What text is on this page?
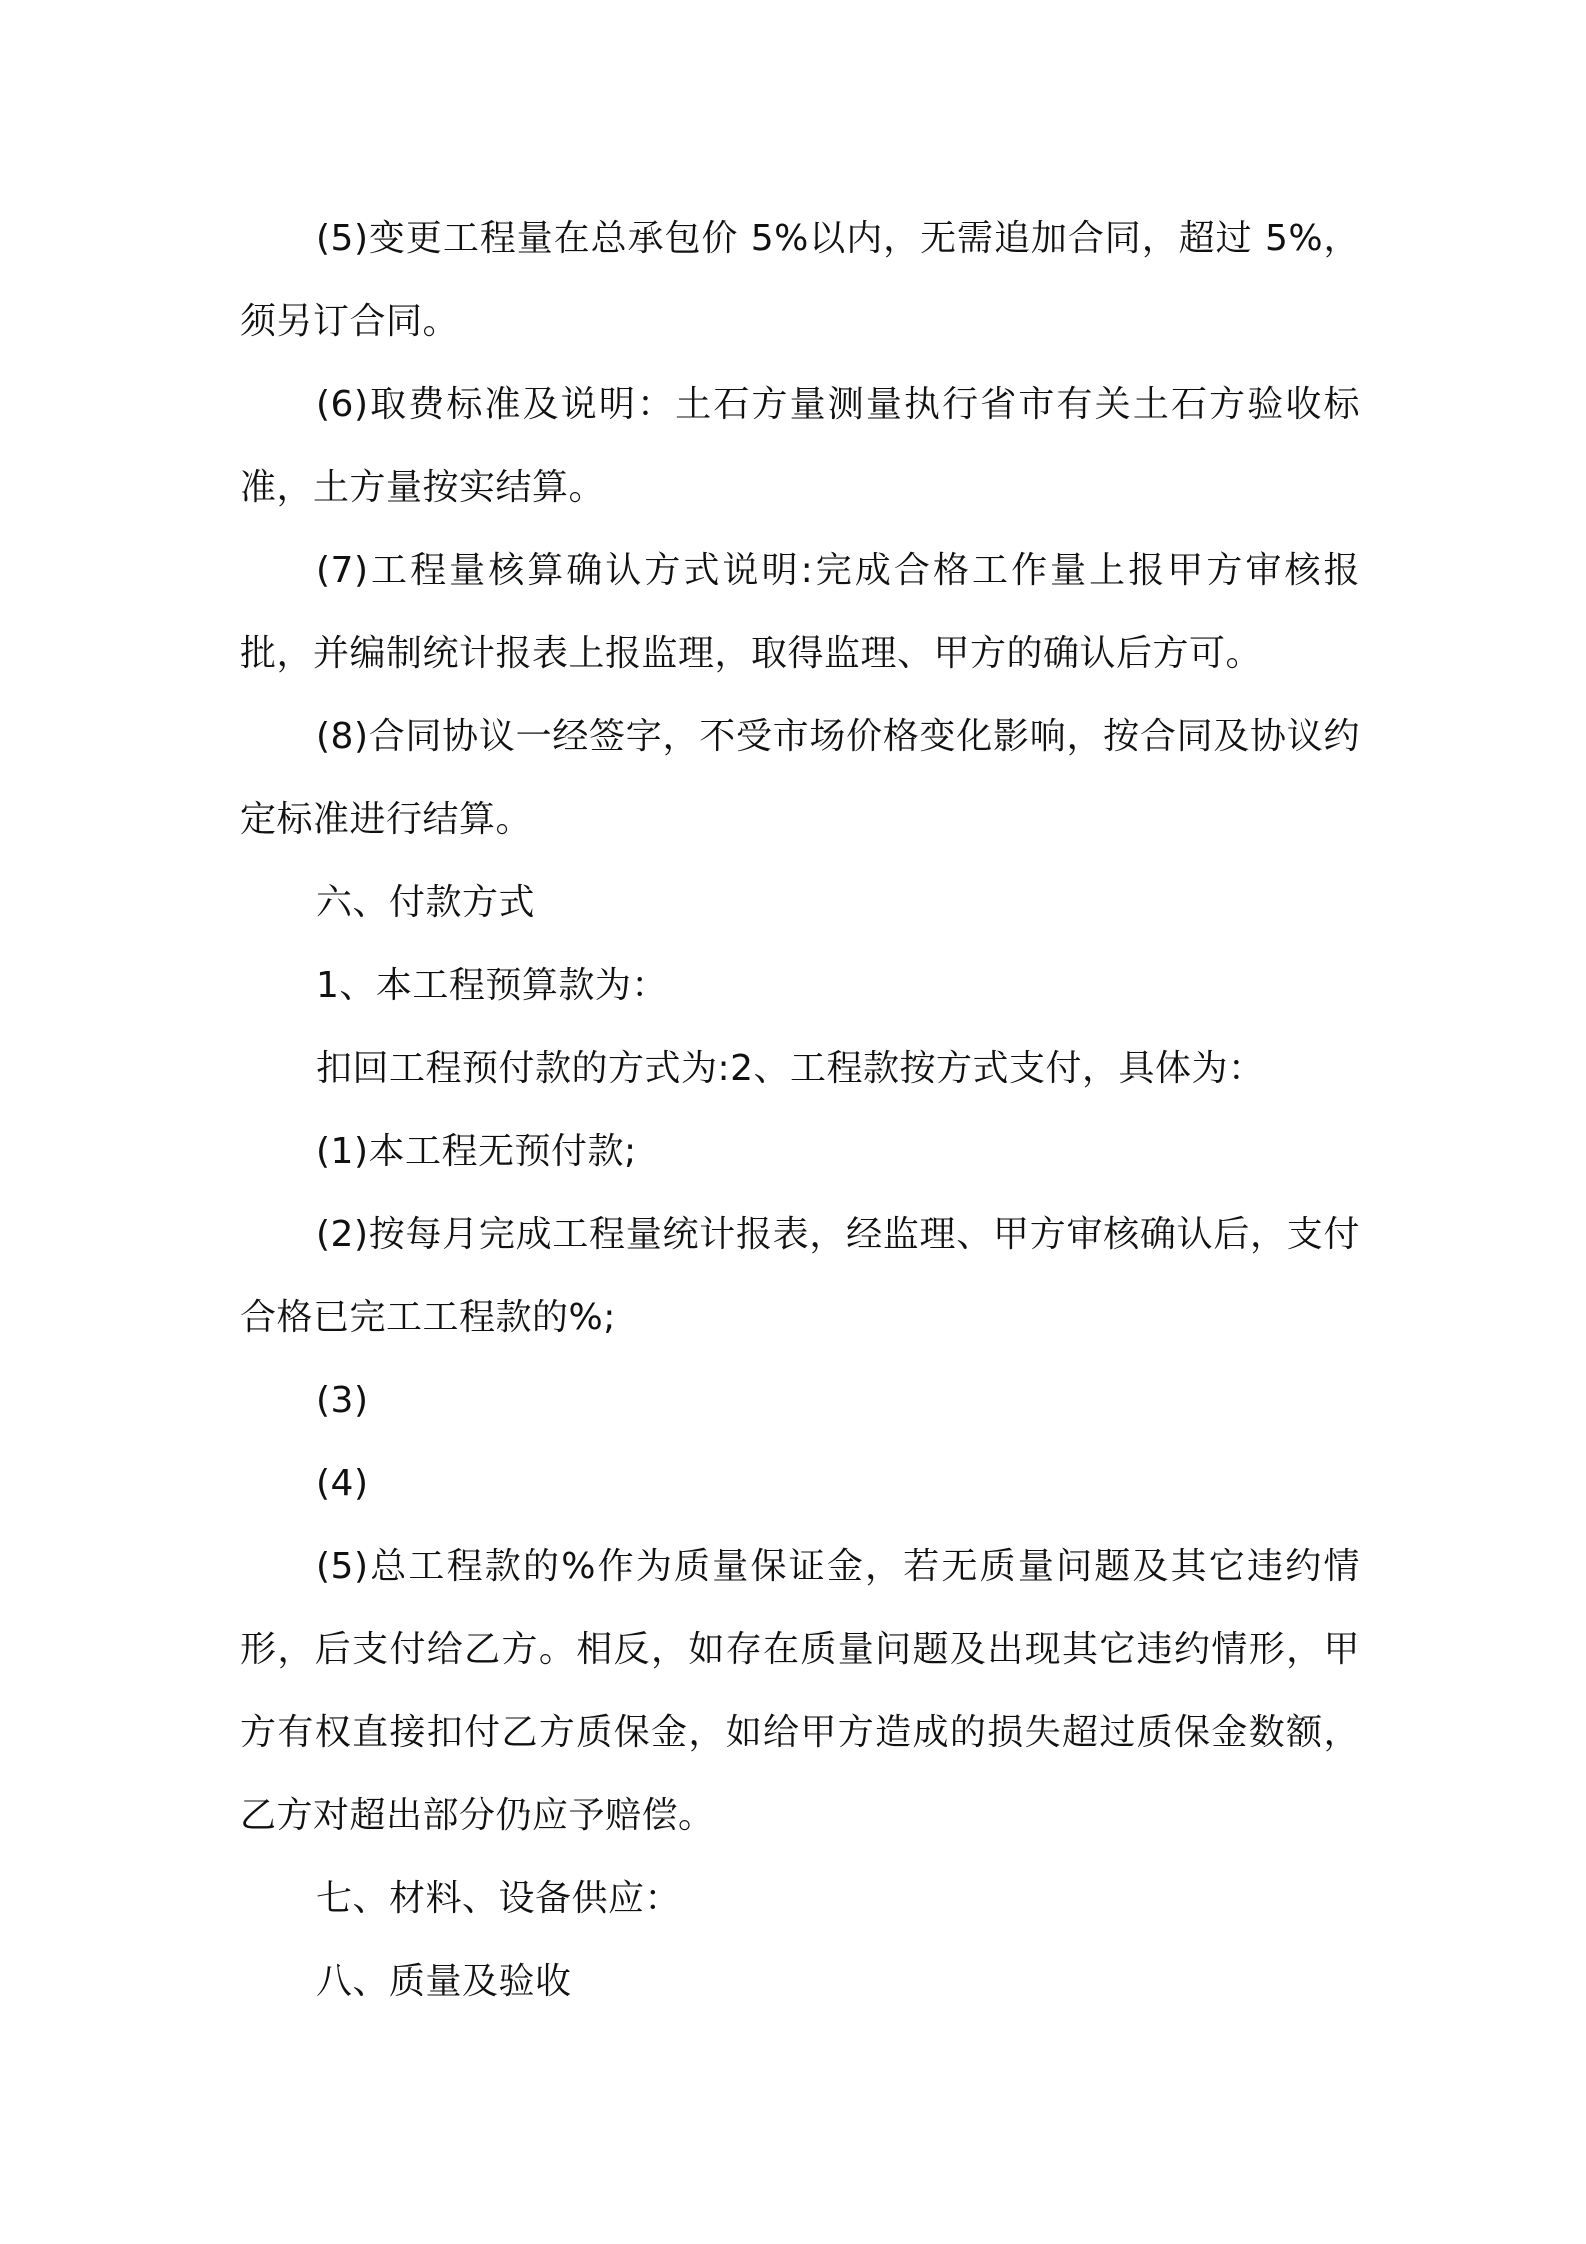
(5)变更工程量在总承包价 5%以内，无需追加合同，超过 5%，须另订合同。

(6)取费标准及说明：土石方量测量执行省市有关土石方验收标准，土方量按实结算。

(7)工程量核算确认方式说明:完成合格工作量上报甲方审核报批，并编制统计报表上报监理，取得监理、甲方的确认后方可。

(8)合同协议一经签字，不受市场价格变化影响，按合同及协议约定标准进行结算。

六、付款方式

1、本工程预算款为：

扣回工程预付款的方式为:2、工程款按方式支付，具体为：

(1)本工程无预付款;

(2)按每月完成工程量统计报表，经监理、甲方审核确认后，支付合格已完工工程款的%;

(3)

(4)

(5)总工程款的%作为质量保证金，若无质量问题及其它违约情形，后支付给乙方。相反，如存在质量问题及出现其它违约情形，甲方有权直接扣付乙方质保金，如给甲方造成的损失超过质保金数额，乙方对超出部分仍应予赔偿。

七、材料、设备供应：

八、质量及验收
